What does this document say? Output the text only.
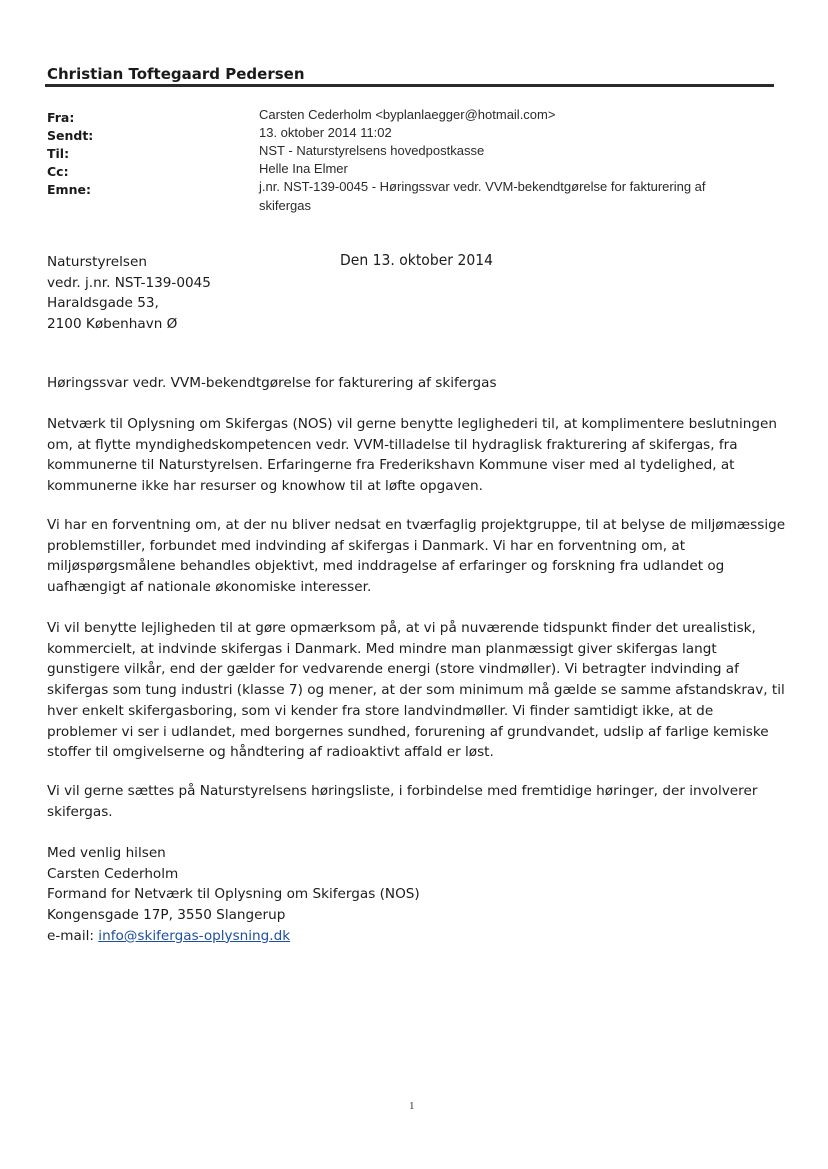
Christian Toftegaard Pedersen
Fra:	Carsten Cederholm <byplanlaegger@hotmail.com>
Sendt:	13. oktober 2014 11:02
Til:	NST - Naturstyrelsens hovedpostkasse
Cc:	Helle Ina Elmer
Emne:	j.nr. NST-139-0045 - Høringssvar vedr. VVM-bekendtgørelse for fakturering af skifergas
Naturstyrelsen
vedr. j.nr. NST-139-0045
Haraldsgade 53,
2100 København Ø
Den 13. oktober 2014

Høringssvar vedr. VVM-bekendtgørelse for fakturering af skifergas

Netværk til Oplysning om Skifergas (NOS) vil gerne benytte leglighederi til, at komplimentere beslutningen om, at flytte myndighedskompetencen vedr. VVM-tilladelse til hydraglisk frakturering af skifergas, fra kommunerne til Naturstyrelsen. Erfaringerne fra Frederikshavn Kommune viser med al tydelighed, at kommunerne ikke har resurser og knowhow til at løfte opgaven.

Vi har en forventning om, at der nu bliver nedsat en tværfaglig projektgruppe, til at belyse de miljømæssige problemstiller, forbundet med indvinding af skifergas i Danmark. Vi har en forventning om, at miljøspørgsmålene behandles objektivt, med inddragelse af erfaringer og forskning fra udlandet og uafhængigt af nationale økonomiske interesser.

Vi vil benytte lejligheden til at gøre opmærksom på, at vi på nuværende tidspunkt finder det urealistisk, kommercielt, at indvinde skifergas i Danmark. Med mindre man planmæssigt giver skifergas langt gunstigere vilkår, end der gælder for vedvarende energi (store vindmøller). Vi betragter indvinding af skifergas som tung industri (klasse 7) og mener, at der som minimum må gælde se samme afstandskrav, til hver enkelt skifergasboring, som vi kender fra store landvindmøller. Vi finder samtidigt ikke, at de problemer vi ser i udlandet, med borgernes sundhed, forurening af grundvandet, udslip af farlige kemiske stoffer til omgivelserne og håndtering af radioaktivt affald er løst.

Vi vil gerne sættes på Naturstyrelsens høringsliste, i forbindelse med fremtidige høringer, der involverer skifergas.

Med venlig hilsen
Carsten Cederholm
Formand for Netværk til Oplysning om Skifergas (NOS)
Kongensgade 17P, 3550 Slangerup
e-mail: info@skifergas-oplysning.dk
1
